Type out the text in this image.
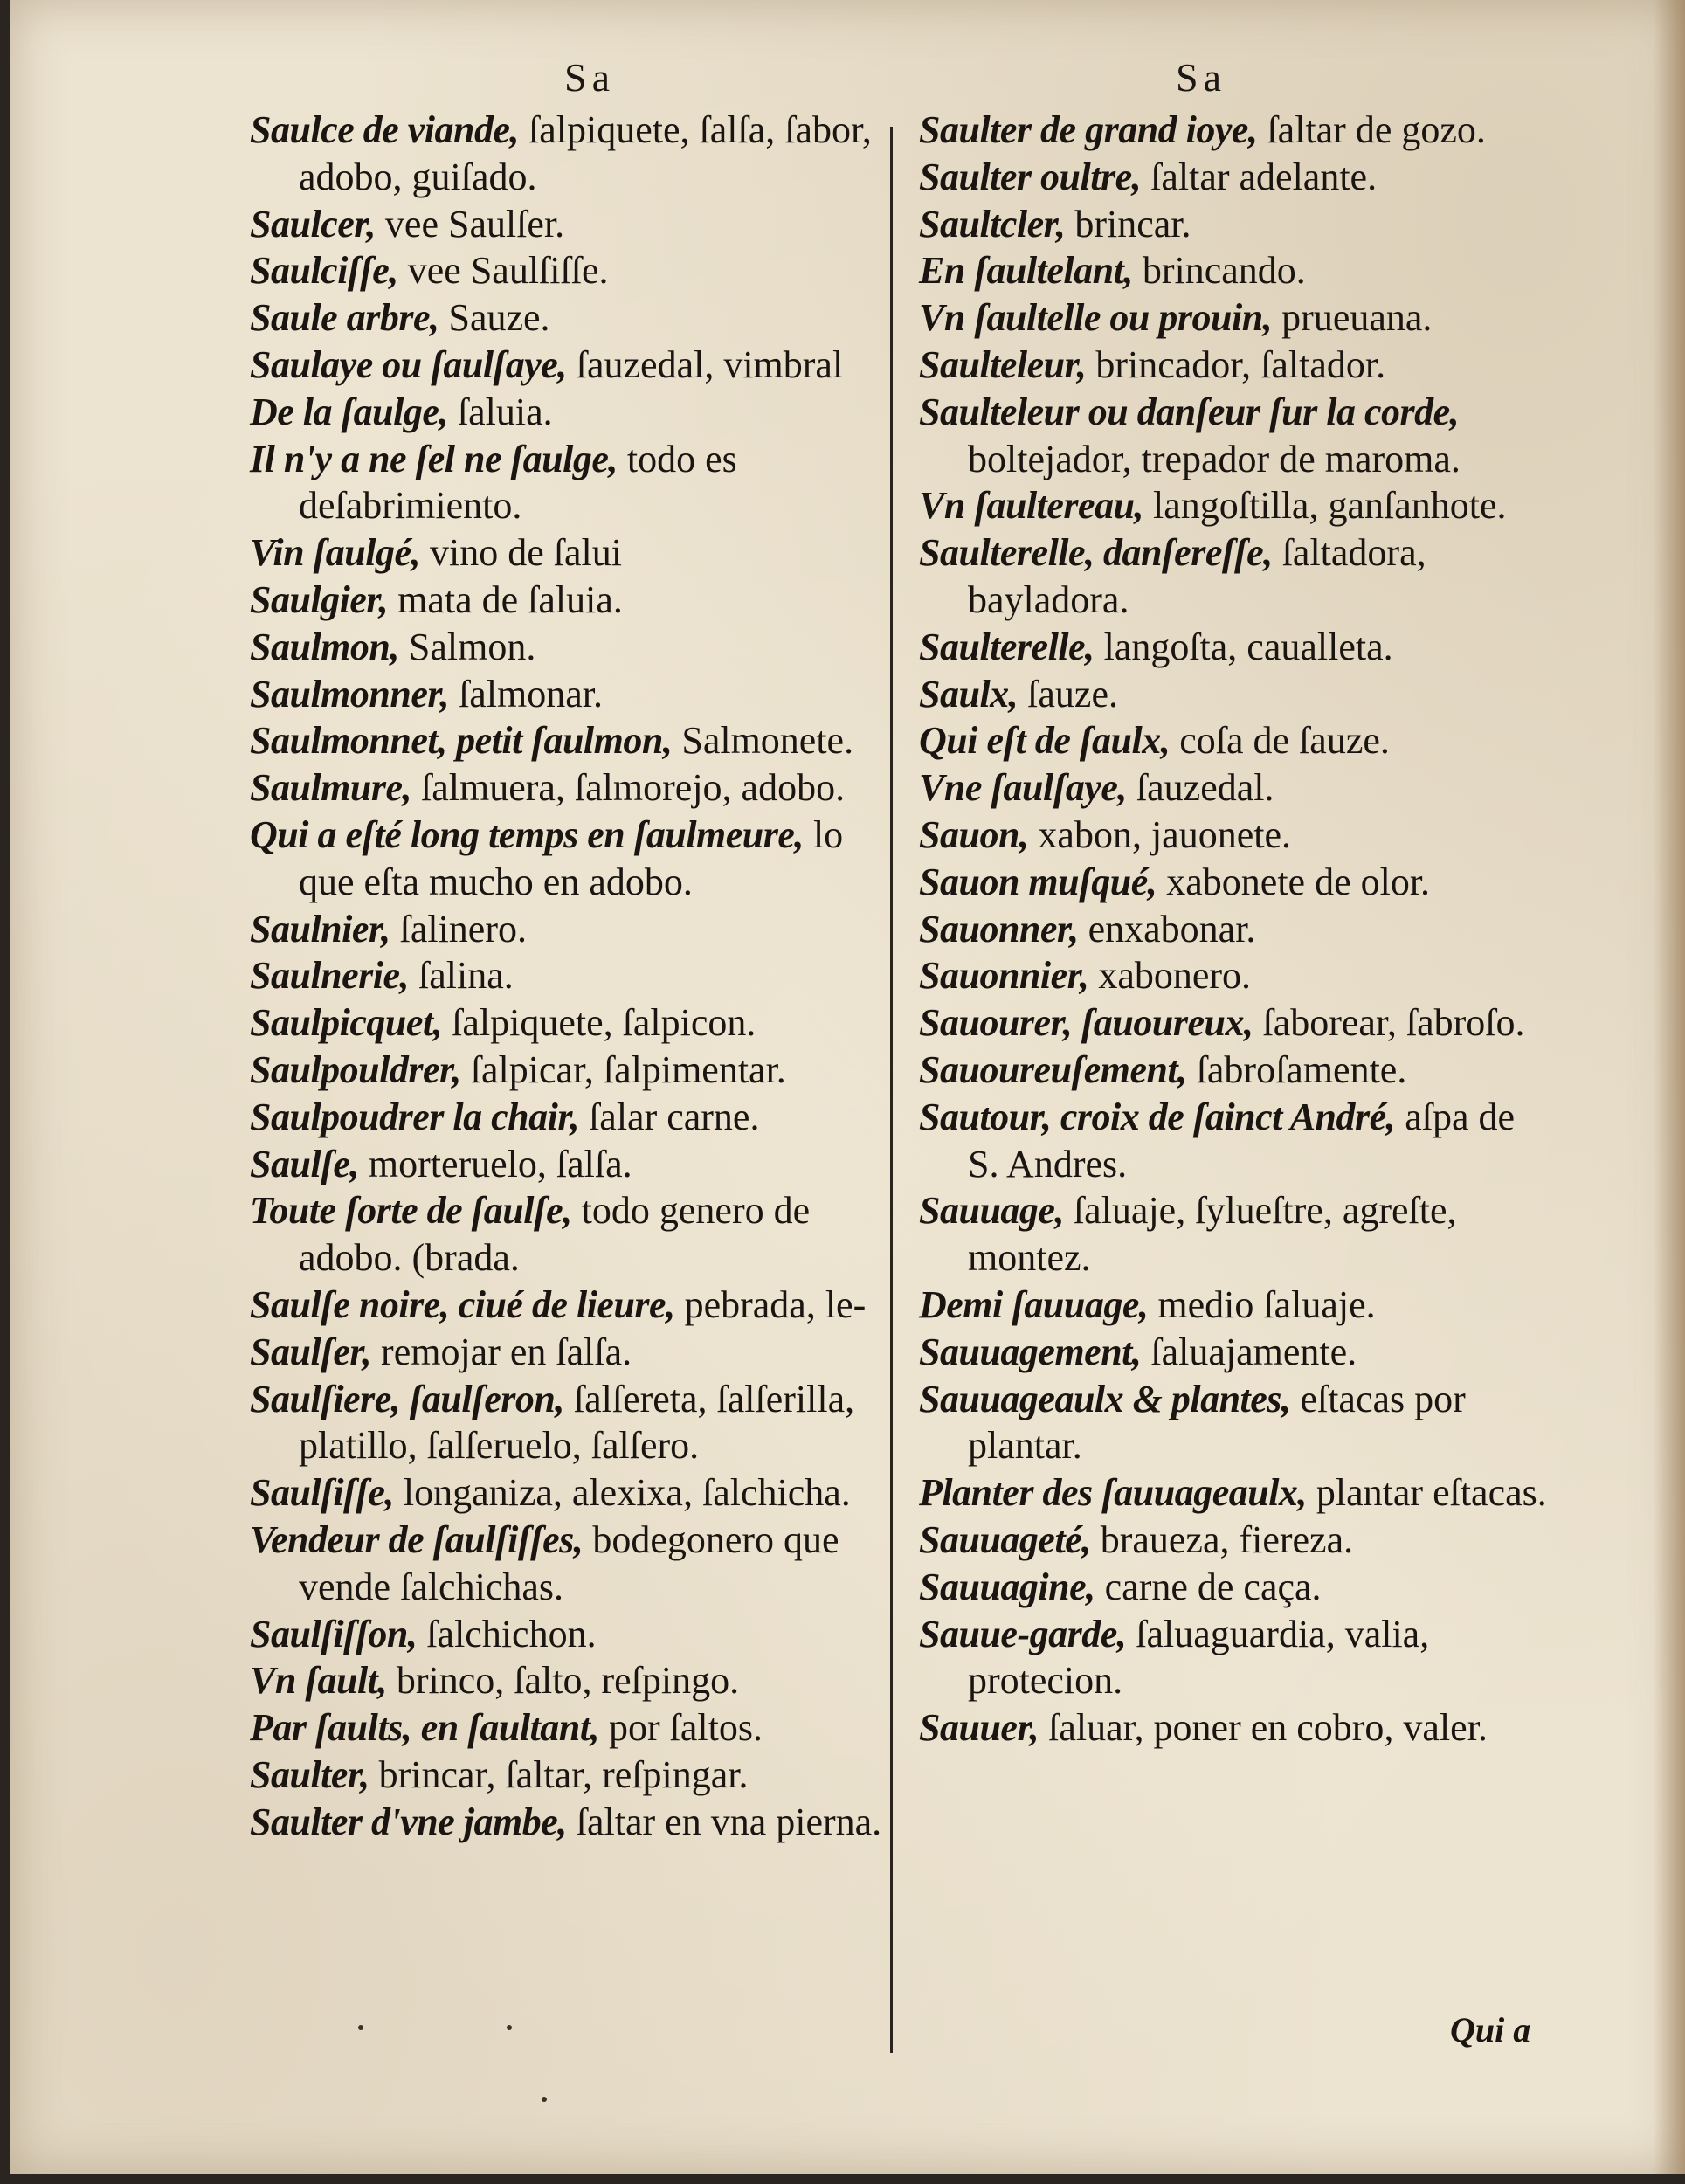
Sa	Sa

Saulce de viande, ſalpiquete, ſalſa, ſabor, adobo, guiſado.

Saulcer, vee Saulſer.

Saulciſſe, vee Saulſiſſe.

Saule arbre, Sauze.

Saulaye ou ſaulſaye, ſauzedal, vimbral

De la ſaulge, ſaluia.

Il n'y a ne ſel ne ſaulge, todo es deſabrimiento.

Vin ſaulgé, vino de ſalui

Saulgier, mata de ſaluia.

Saulmon, Salmon.

Saulmonner, ſalmonar.

Saulmonnet, petit ſaulmon, Salmonete.

Saulmure, ſalmuera, ſalmorejo, adobo.

Qui a eſté long temps en ſaulmeure, lo que eſta mucho en adobo.

Saulnier, ſalinero.

Saulnerie, ſalina.

Saulpicquet, ſalpiquete, ſalpicon.

Saulpouldrer, ſalpicar, ſalpimentar.

Saulpoudrer la chair, ſalar carne.

Saulſe, morteruelo, ſalſa.

Toute ſorte de ſaulſe, todo genero de adobo. (brada.

Saulſe noire, ciué de lieure, pebrada, le-

Saulſer, remojar en ſalſa.

Saulſiere, ſaulſeron, ſalſereta, ſalſerilla, platillo, ſalſeruelo, ſalſero.

Saulſiſſe, longaniza, alexixa, ſalchicha.

Vendeur de ſaulſiſſes, bodegonero que vende ſalchichas.

Saulſiſſon, ſalchichon.

Vn ſault, brinco, ſalto, reſpingo.

Par ſaults, en ſaultant, por ſaltos.

Saulter, brincar, ſaltar, reſpingar.

Saulter d'vne jambe, ſaltar en vna pierna.

Saulter de grand ioye, ſaltar de gozo.

Saulter oultre, ſaltar adelante.

Saultcler, brincar.

En ſaultelant, brincando.

Vn ſaultelle ou prouin, prueuana.

Saulteleur, brincador, ſaltador.

Saulteleur ou danſeur ſur la corde, boltejador, trepador de maroma.

Vn ſaultereau, langoſtilla, ganſanhote.

Saulterelle, danſereſſe, ſaltadora, bayladora.

Saulterelle, langoſta, caualleta.

Saulx, ſauze.

Qui eſt de ſaulx, coſa de ſauze.

Vne ſaulſaye, ſauzedal.

Sauon, xabon, jauonete.

Sauon muſqué, xabonete de olor.

Sauonner, enxabonar.

Sauonnier, xabonero.

Sauourer, ſauoureux, ſaborear, ſabroſo.

Sauoureuſement, ſabroſamente.

Sautour, croix de ſainct André, aſpa de S. Andres.

Sauuage, ſaluaje, ſylueſtre, agreſte, montez.

Demi ſauuage, medio ſaluaje.

Sauuagement, ſaluajamente.

Sauuageaulx & plantes, eſtacas por plantar.

Planter des ſauuageaulx, plantar eſtacas.

Sauuageté, braueza, fiereza.

Sauuagine, carne de caça.

Sauue-garde, ſaluaguardia, valia, protecion.

Sauuer, ſaluar, poner en cobro, valer.

Qui a
